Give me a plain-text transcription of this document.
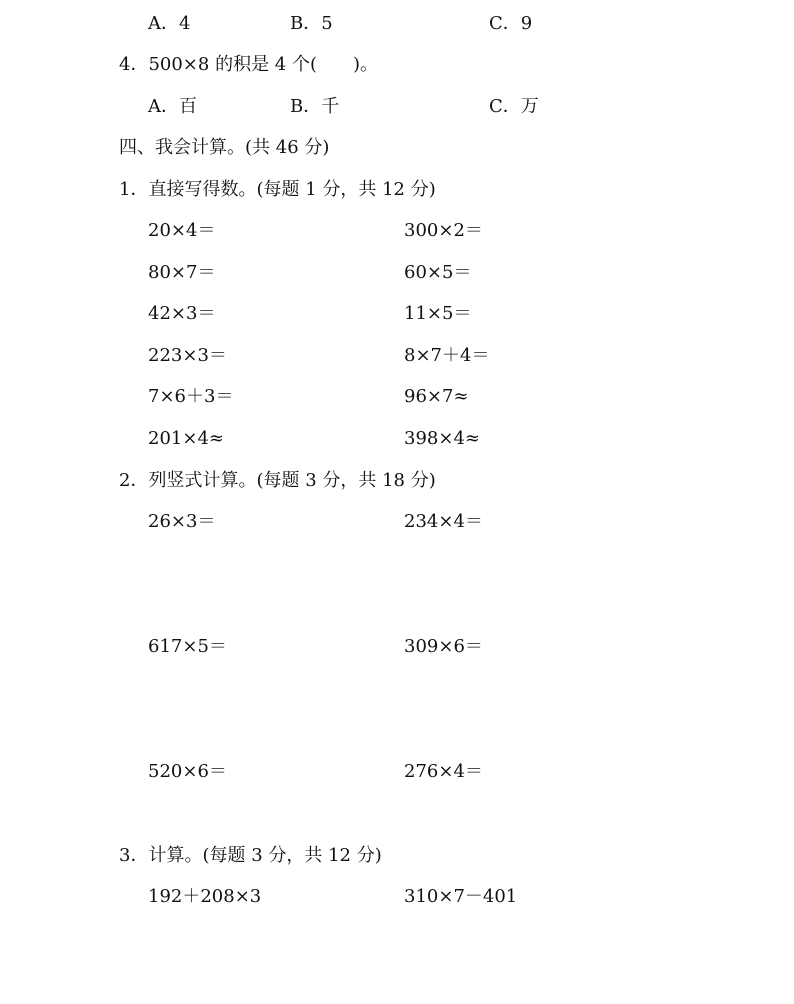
A．4	B．5	C．9
4．500×8 的积是 4 个(　　)。
A．百	B．千	C．万
四、我会计算。(共 46 分)
1．直接写得数。(每题 1 分，共 12 分)
20×4＝	300×2＝
80×7＝	60×5＝
42×3＝	11×5＝
223×3＝	8×7＋4＝
7×6＋3＝	96×7≈
201×4≈	398×4≈
2．列竖式计算。(每题 3 分，共 18 分)
26×3＝	234×4＝
617×5＝	309×6＝
520×6＝	276×4＝
3．计算。(每题 3 分，共 12 分)
192＋208×3	310×7－401
